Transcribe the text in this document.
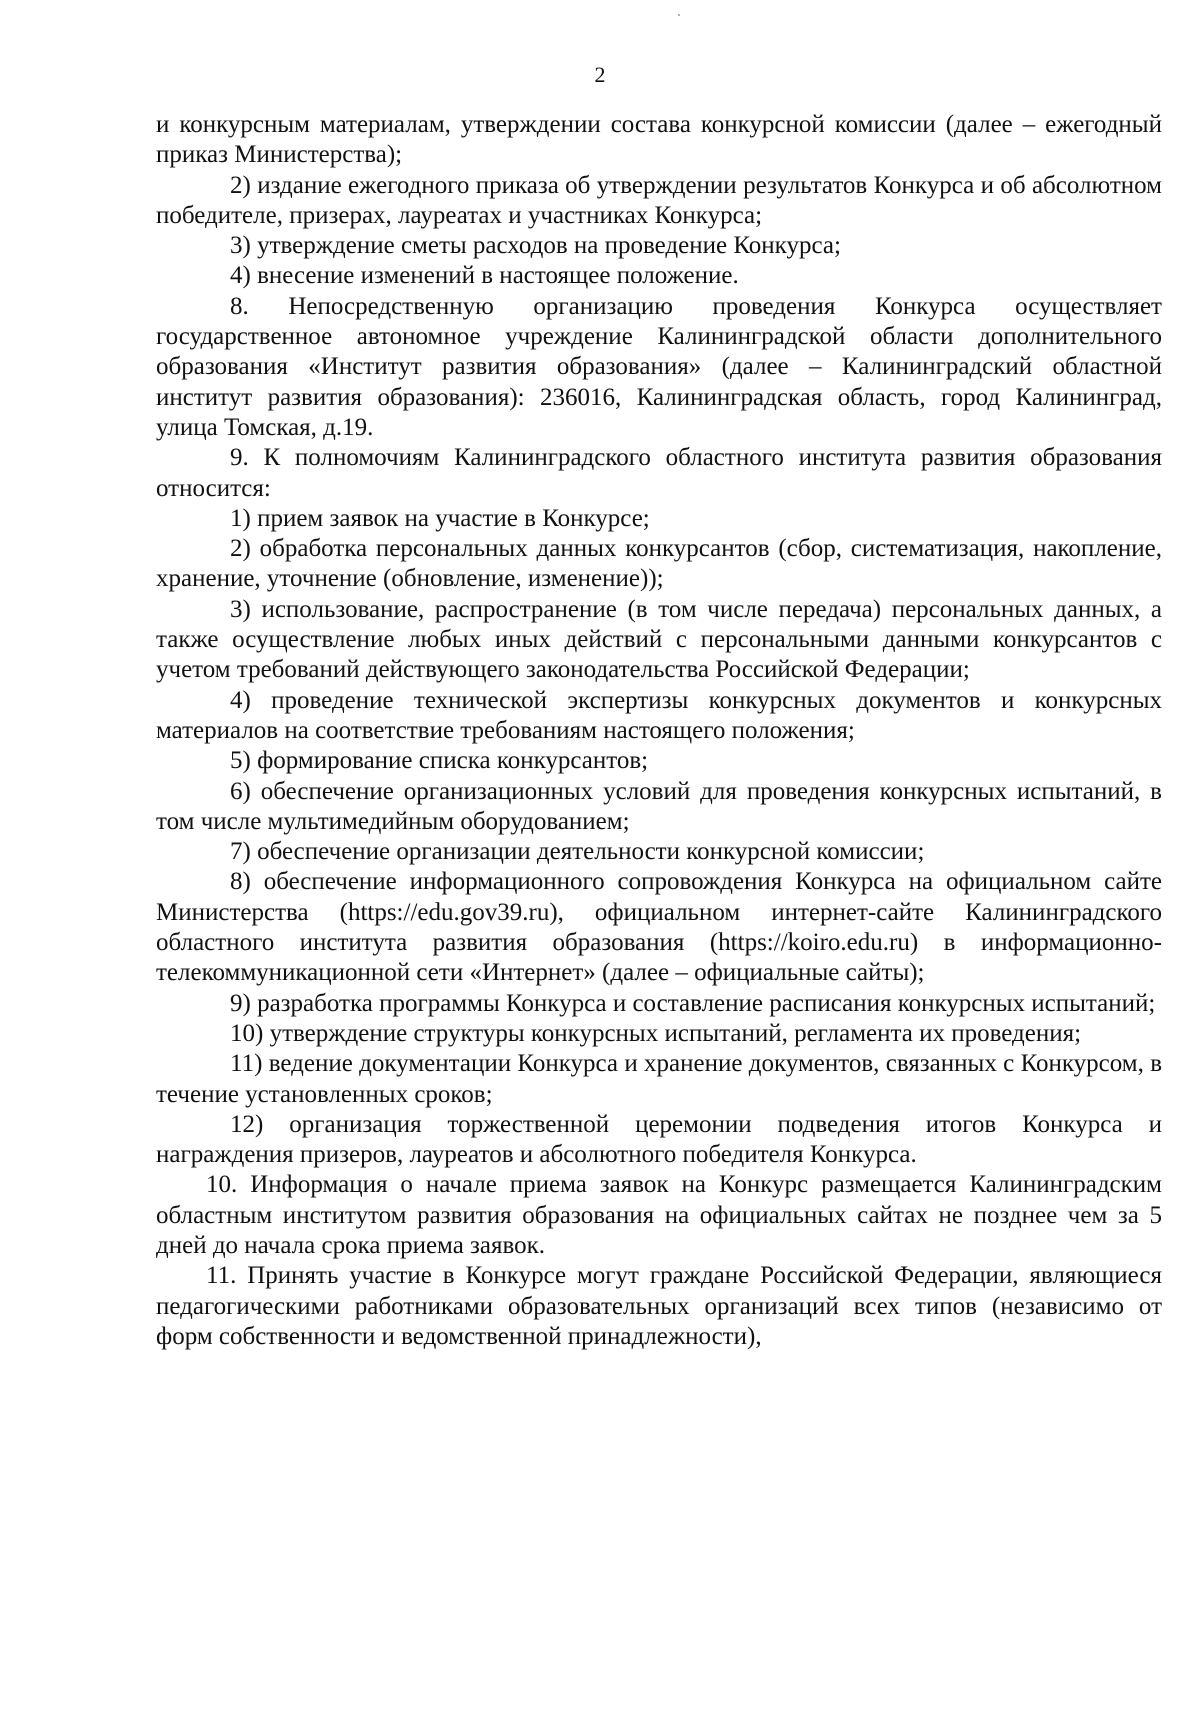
2

и конкурсным материалам, утверждении состава конкурсной комиссии (далее – ежегодный приказ Министерства);

2) издание ежегодного приказа об утверждении результатов Конкурса и об абсолютном победителе, призерах, лауреатах и участниках Конкурса;

3) утверждение сметы расходов на проведение Конкурса;

4) внесение изменений в настоящее положение.

8. Непосредственную организацию проведения Конкурса осуществляет государственное автономное учреждение Калининградской области дополнительного образования «Институт развития образования» (далее – Калининградский областной институт развития образования): 236016, Калининградская область, город Калининград, улица Томская, д.19.

9. К полномочиям Калининградского областного института развития образования относится:

1) прием заявок на участие в Конкурсе;

2) обработка персональных данных конкурсантов (сбор, систематизация, накопление, хранение, уточнение (обновление, изменение));

3) использование, распространение (в том числе передача) персональных данных, а также осуществление любых иных действий с персональными данными конкурсантов с учетом требований действующего законодательства Российской Федерации;

4) проведение технической экспертизы конкурсных документов и конкурсных материалов на соответствие требованиям настоящего положения;

5) формирование списка конкурсантов;

6) обеспечение организационных условий для проведения конкурсных испытаний, в том числе мультимедийным оборудованием;

7) обеспечение организации деятельности конкурсной комиссии;

8) обеспечение информационного сопровождения Конкурса на официальном сайте Министерства (https://edu.gov39.ru), официальном интернет-сайте Калининградского областного института развития образования (https://koiro.edu.ru) в информационно-телекоммуникационной сети «Интернет» (далее – официальные сайты);

9) разработка программы Конкурса и составление расписания конкурсных испытаний;

10) утверждение структуры конкурсных испытаний, регламента их проведения;

11) ведение документации Конкурса и хранение документов, связанных с Конкурсом, в течение установленных сроков;

12) организация торжественной церемонии подведения итогов Конкурса и награждения призеров, лауреатов и абсолютного победителя Конкурса.

10. Информация о начале приема заявок на Конкурс размещается Калининградским областным институтом развития образования на официальных сайтах не позднее чем за 5 дней до начала срока приема заявок.

11. Принять участие в Конкурсе могут граждане Российской Федерации, являющиеся педагогическими работниками образовательных организаций всех типов (независимо от форм собственности и ведомственной принадлежности),
